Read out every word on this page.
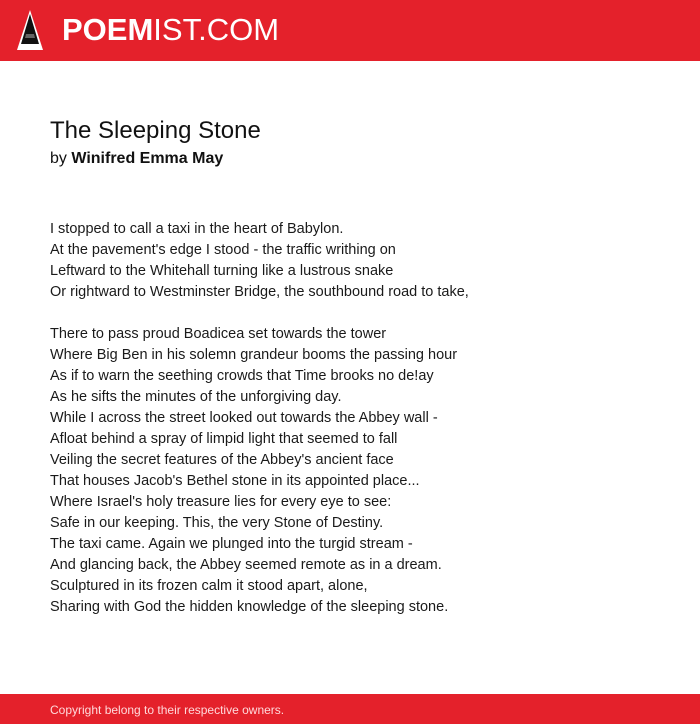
POEMIST.COM
The Sleeping Stone
by Winifred Emma May
I stopped to call a taxi in the heart of Babylon.
At the pavement's edge I stood - the traffic writhing on
Leftward to the Whitehall turning like a lustrous snake
Or rightward to Westminster Bridge, the southbound road to take,
There to pass proud Boadicea set towards the tower
Where Big Ben in his solemn grandeur booms the passing hour
As if to warn the seething crowds that Time brooks no de!ay
As he sifts the minutes of the unforgiving day.
While I across the street looked out towards the Abbey wall -
Afloat behind a spray of limpid light that seemed to fall
Veiling the secret features of the Abbey's ancient face
That houses Jacob's Bethel stone in its appointed place...
Where Israel's holy treasure lies for every eye to see:
Safe in our keeping. This, the very Stone of Destiny.
The taxi came. Again we plunged into the turgid stream -
And glancing back, the Abbey seemed remote as in a dream.
Sculptured in its frozen calm it stood apart, alone,
Sharing with God the hidden knowledge of the sleeping stone.
Copyright belong to their respective owners.
